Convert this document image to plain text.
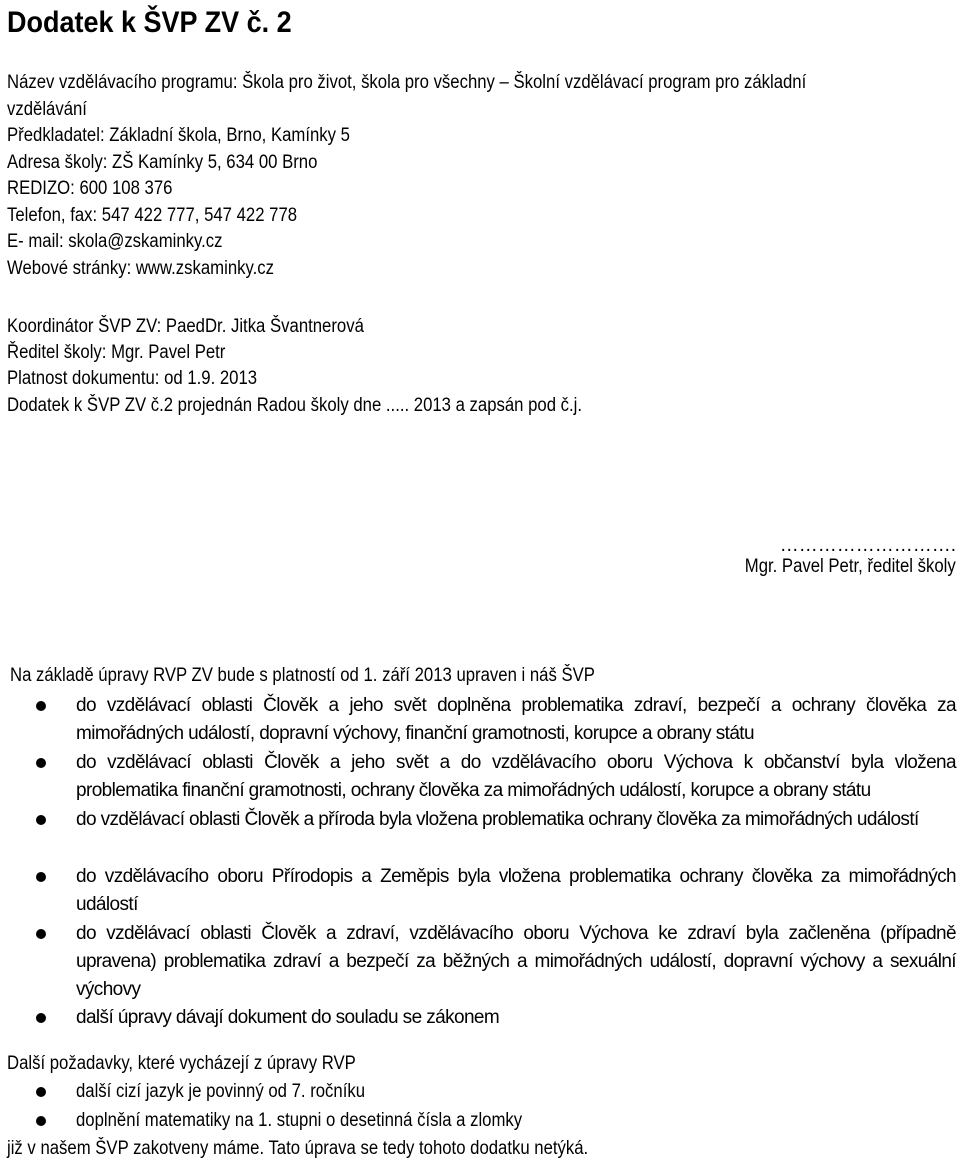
Dodatek k ŠVP ZV č. 2
Název vzdělávacího programu: Škola pro život, škola pro všechny – Školní vzdělávací program pro základní
vzdělávání
Předkladatel: Základní škola, Brno, Kamínky 5
Adresa školy: ZŠ Kamínky 5, 634 00 Brno
REDIZO: 600 108 376
Telefon, fax: 547 422 777, 547 422 778
E- mail: skola@zskaminky.cz
Webové stránky: www.zskaminky.cz
Koordinátor ŠVP ZV: PaedDr. Jitka Švantnerová
Ředitel školy: Mgr. Pavel Petr
Platnost dokumentu: od 1.9. 2013
Dodatek k ŠVP ZV č.2 projednán Radou školy dne ..... 2013 a zapsán pod č.j.
……………………….
Mgr. Pavel Petr, ředitel školy
Na základě úpravy RVP ZV bude s platností od 1. září 2013 upraven i náš ŠVP
do vzdělávací oblasti Člověk a jeho svět doplněna problematika zdraví, bezpečí a ochrany člověka za mimořádných událostí, dopravní výchovy, finanční gramotnosti, korupce a obrany státu
do vzdělávací oblasti Člověk a jeho svět a do vzdělávacího oboru Výchova k občanství byla vložena problematika finanční gramotnosti, ochrany člověka za mimořádných událostí, korupce a obrany státu
do vzdělávací oblasti Člověk a příroda byla vložena problematika ochrany člověka za mimořádných událostí
do vzdělávacího oboru Přírodopis a Zeměpis byla vložena problematika ochrany člověka za mimořádných událostí
do vzdělávací oblasti Člověk a zdraví, vzdělávacího oboru Výchova ke zdraví byla začleněna (případně upravena) problematika zdraví a bezpečí za běžných a mimořádných událostí, dopravní výchovy a sexuální výchovy
další úpravy dávají dokument do souladu se zákonem
Další požadavky, které vycházejí z úpravy RVP
další cizí jazyk je povinný od 7. ročníku
doplnění matematiky na 1. stupni o desetinná čísla a zlomky
již v našem ŠVP zakotveny máme. Tato úprava se tedy tohoto dodatku netýká.
